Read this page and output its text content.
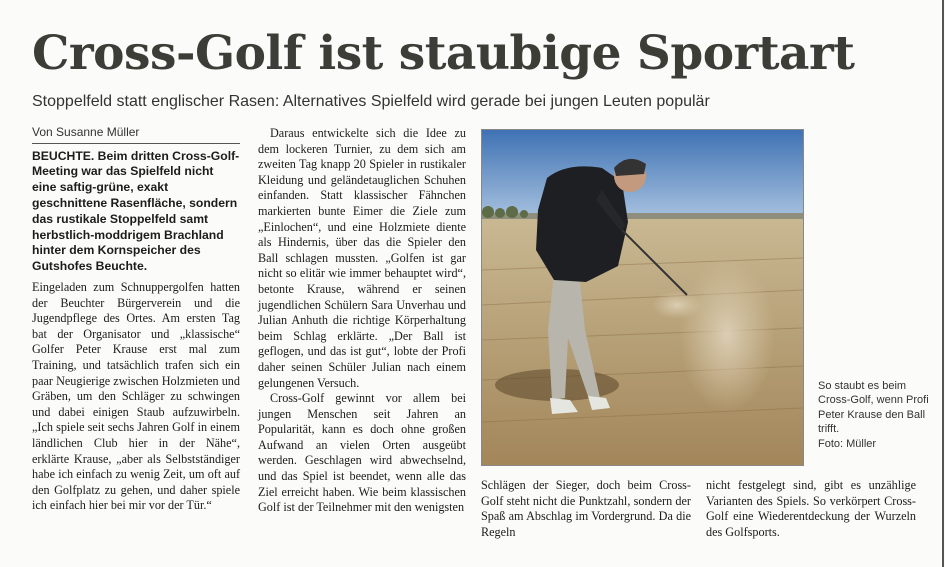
Cross-Golf ist staubige Sportart
Stoppelfeld statt englischer Rasen: Alternatives Spielfeld wird gerade bei jungen Leuten populär
Von Susanne Müller

BEUCHTE. Beim dritten Cross-Golf-Meeting war das Spielfeld nicht eine saftig-grüne, exakt geschnittene Rasenfläche, sondern das rustikale Stoppelfeld samt herbstlich-moddrigem Brachland hinter dem Kornspeicher des Gutshofes Beuchte.

Eingeladen zum Schnuppergolfen hatten der Beuchter Bürgerverein und die Jugendpflege des Ortes. Am ersten Tag bat der Organisator und „klassische“ Golfer Peter Krause erst mal zum Training, und tatsächlich trafen sich ein paar Neugierige zwischen Holzmieten und Gräben, um den Schläger zu schwingen und dabei einigen Staub aufzuwirbeln. „Ich spiele seit sechs Jahren Golf in einem ländlichen Club hier in der Nähe“, erklärte Krause, „aber als Selbstständiger habe ich einfach zu wenig Zeit, um oft auf den Golfplatz zu gehen, und daher spiele ich einfach hier bei mir vor der Tür.“

Daraus entwickelte sich die Idee zu dem lockeren Turnier, zu dem sich am zweiten Tag knapp 20 Spieler in rustikaler Kleidung und geländetauglichen Schuhen einfanden. Statt klassischer Fähnchen markierten bunte Eimer die Ziele zum „Einlochen“, und eine Holzmiete diente als Hindernis, über das die Spieler den Ball schlagen mussten. „Golfen ist gar nicht so elitär wie immer behauptet wird“, betonte Krause, während er seinen jugendlichen Schülern Sara Unverhau und Julian Anhuth die richtige Körperhaltung beim Schlag erklärte. „Der Ball ist geflogen, und das ist gut“, lobte der Profi daher seinen Schüler Julian nach einem gelungenen Versuch.

Cross-Golf gewinnt vor allem bei jungen Menschen seit Jahren an Popularität, kann es doch ohne großen Aufwand an vielen Orten ausgeübt werden. Geschlagen wird abwechselnd, und das Spiel ist beendet, wenn alle das Ziel erreicht haben. Wie beim klassischen Golf ist der Teilnehmer mit den wenigsten

So staubt es beim Cross-Golf, wenn Profi Peter Krause den Ball trifft.
Foto: Müller

Schlägen der Sieger, doch beim Cross-Golf steht nicht die Punktzahl, sondern der Spaß am Abschlag im Vordergrund. Da die Regeln

nicht festgelegt sind, gibt es unzählige Varianten des Spiels. So verkörpert Cross-Golf eine Wiederentdeckung der Wurzeln des Golfsports.
